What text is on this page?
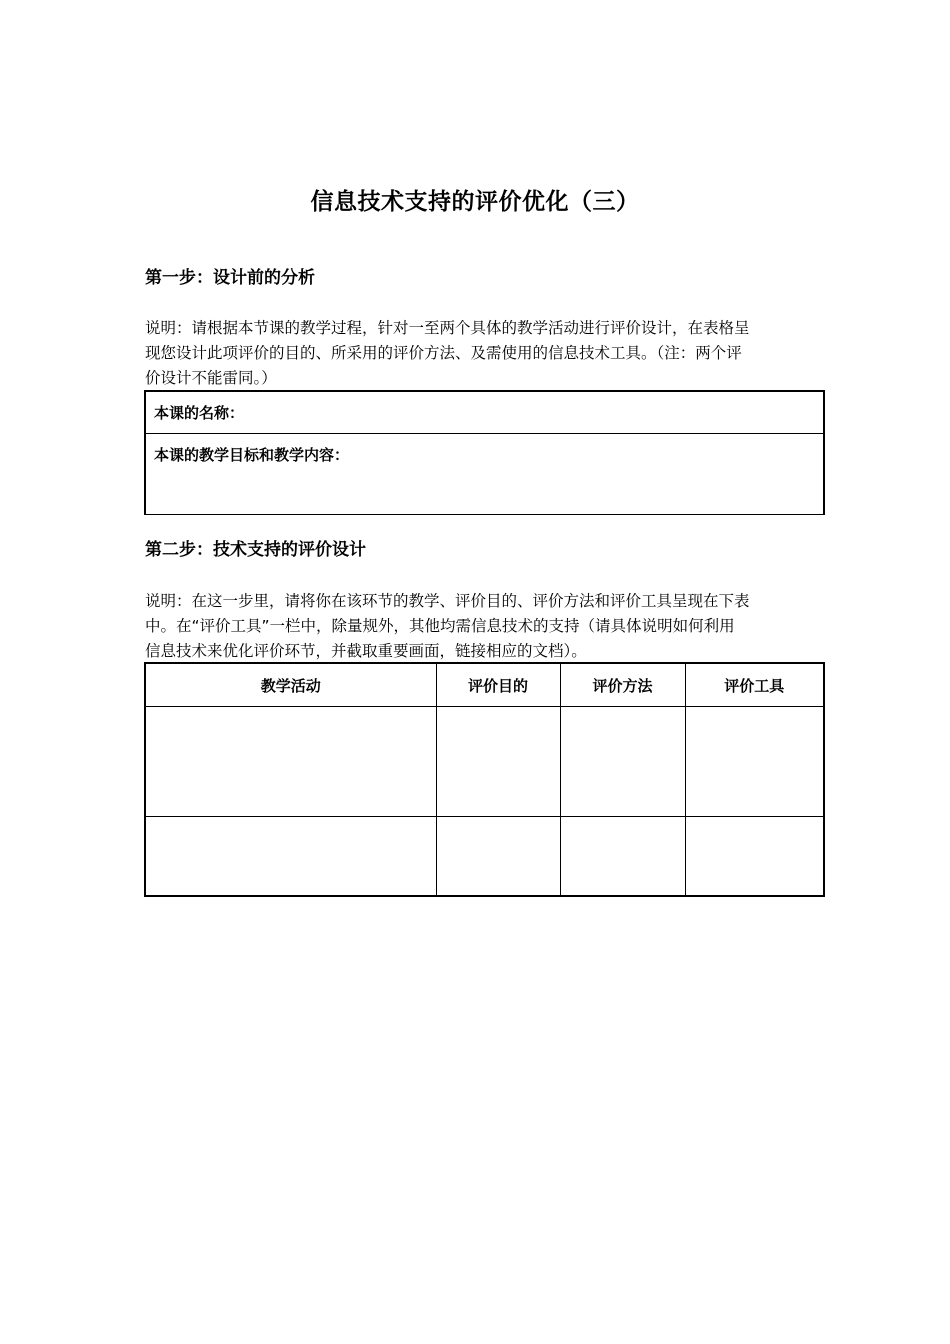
信息技术支持的评价优化（三）
第一步：设计前的分析

说明：请根据本节课的教学过程，针对一至两个具体的教学活动进行评价设计，在表格呈
现您设计此项评价的目的、所采用的评价方法、及需使用的信息技术工具。（注：两个评
价设计不能雷同。）

本课的名称：
本课的教学目标和教学内容：
第二步：技术支持的评价设计

说明：在这一步里，请将你在该环节的教学、评价目的、评价方法和评价工具呈现在下表
中。在“评价工具”一栏中，除量规外，其他均需信息技术的支持（请具体说明如何利用
信息技术来优化评价环节，并截取重要画面，链接相应的文档）。

教学活动	评价目的	评价方法	评价工具
